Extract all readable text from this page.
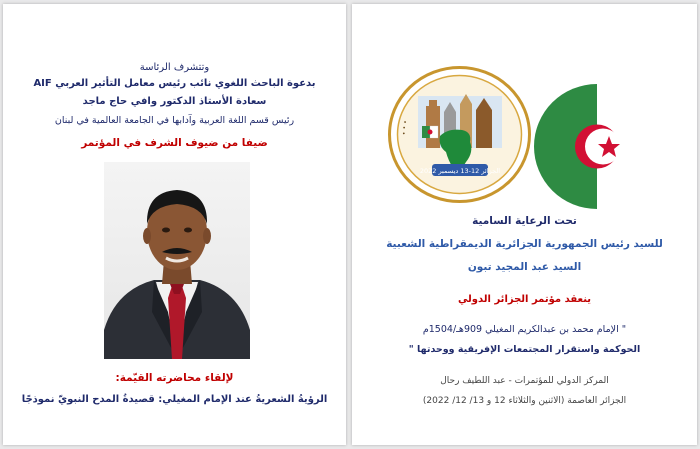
وتتشرف الرئاسة
بدعوة الباحث اللغوي نائب رئيس معامل التأثير العربي AIF
سعادة الأستاذ الدكتور وافي حاج ماجد
رئيس قسم اللغة العربية وآدابها في الجامعة العالمية في لبنان
ضيفا من ضيوف الشرف في المؤتمر
لإلقاء محاضرته القيّمة:
الرؤيةُ الشعريةُ عند الإمام المغيلي: قصيدةُ المدح النبويّ نموذجًا
• • •
الجزائر 12-13 ديسمبر 2022
تحت الرعاية السامية
للسيد رئيس الجمهورية الجزائرية الديمقراطية الشعبية
السيد عبد المجيد تبون
ينعقد مؤتمر الجزائر الدولي
" الإمام محمد بن عبدالكريم المغيلي 909هـ/1504م
الحوكمة واستقرار المجتمعات الإفريقية ووحدتها "
المركز الدولي للمؤتمرات - عبد اللطيف رحال
الجزائر العاصمة (الاثنين والثلاثاء 12 و 13/ 12/ 2022)
